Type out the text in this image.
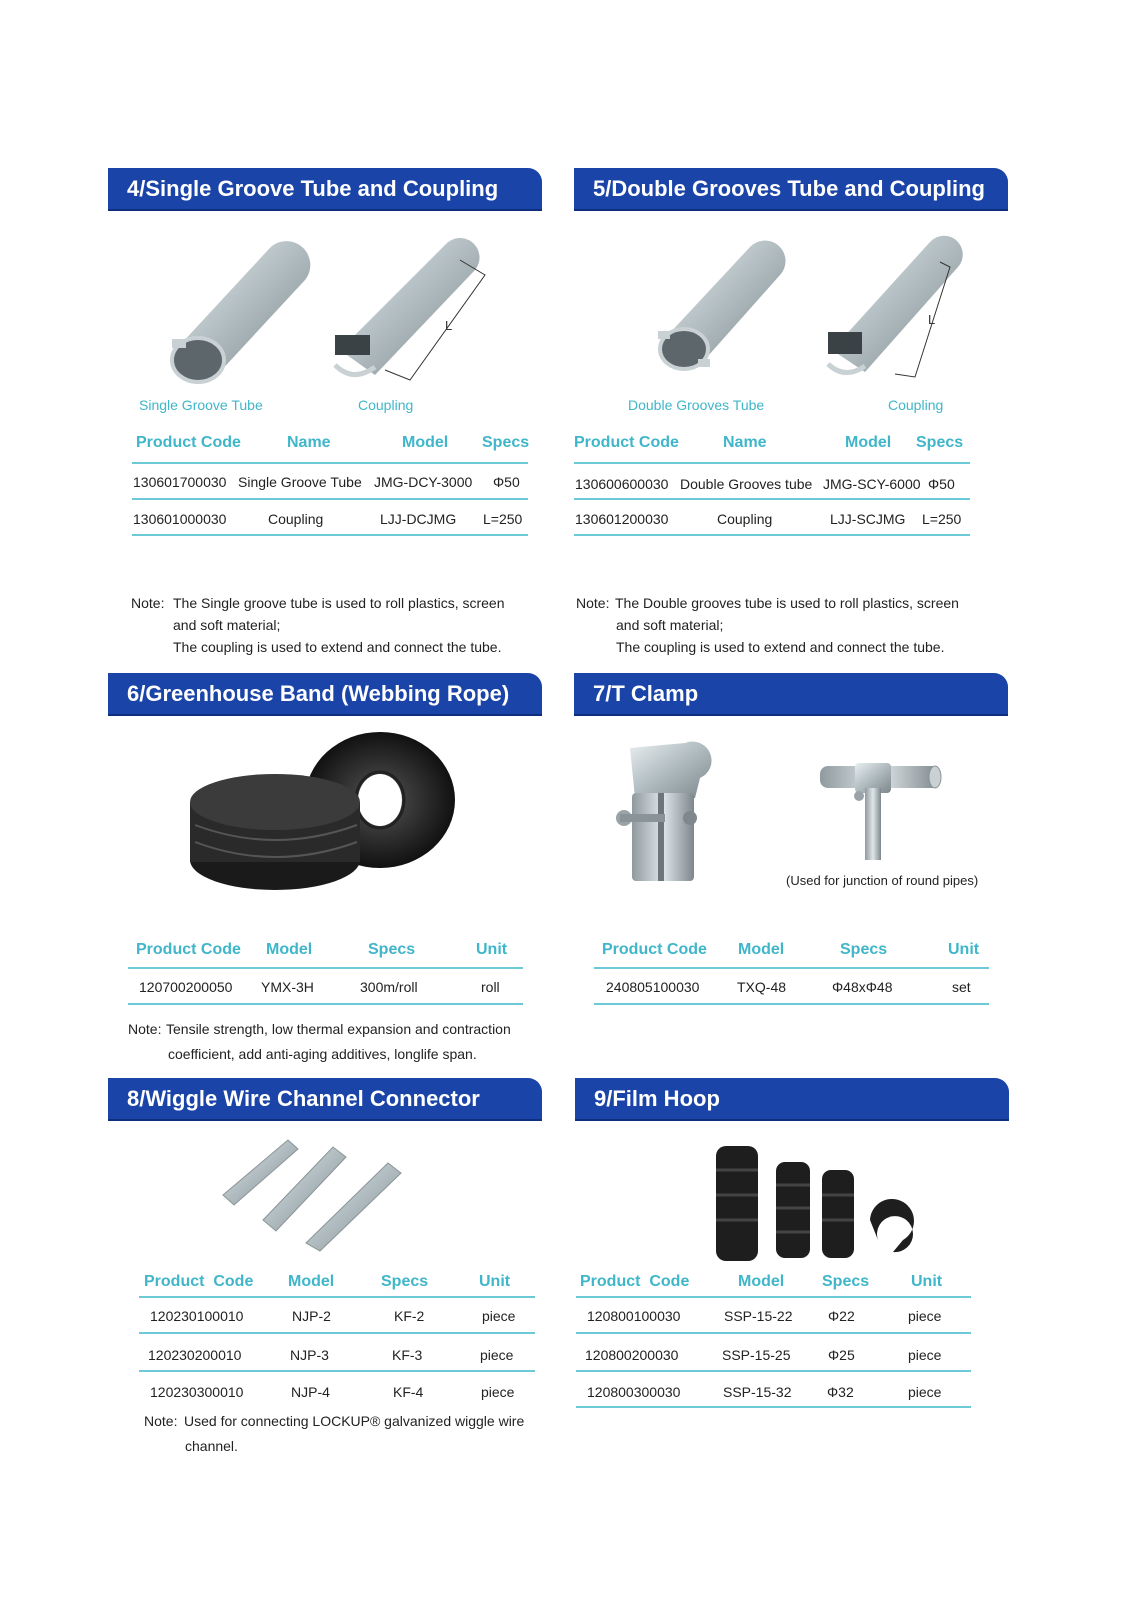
4/Single Groove Tube and Coupling
L
Single Groove Tube	Coupling
Product Code	Name	Model Specs
130601700030 Single Groove Tube JMG-DCY-3000 Φ50
130601000030	Coupling	LJJ-DCJMG L=250
Note: The Single groove tube is used to roll plastics, screen
and soft material;
The coupling is used to extend and connect the tube.
5/Double Grooves Tube and Coupling
L
Double Grooves Tube	Coupling
Product Code	Name	Model Specs
130600600030 Double Grooves tube JMG-SCY-6000 Φ50
130601200030	Coupling	LJJ-SCJMG L=250
Note: The Double grooves tube is used to roll plastics, screen
and soft material;
The coupling is used to extend and connect the tube.
6/Greenhouse Band (Webbing Rope)
Product Code Model	Specs	Unit
120700200050 YMX-3H	300m/roll	roll
Note: Tensile strength, low thermal expansion and contraction
coefficient, add anti-aging additives, longlife span.
7/T Clamp
(Used for junction of round pipes)
Product Code Model	Specs	Unit
240805100030	TXQ-48	Φ48xΦ48	set
8/Wiggle Wire Channel Connector
Product  Code Model	Specs	Unit
120230100010	NJP-2	KF-2	piece
120230200010	NJP-3	KF-3	piece
120230300010	NJP-4	KF-4	piece
Note: Used for connecting LOCKUP® galvanized wiggle wire
channel.
9/Film Hoop
Product  Code	Model Specs	Unit
120800100030	SSP-15-22	Φ22	piece
120800200030	SSP-15-25	Φ25	piece
120800300030	SSP-15-32	Φ32	piece
